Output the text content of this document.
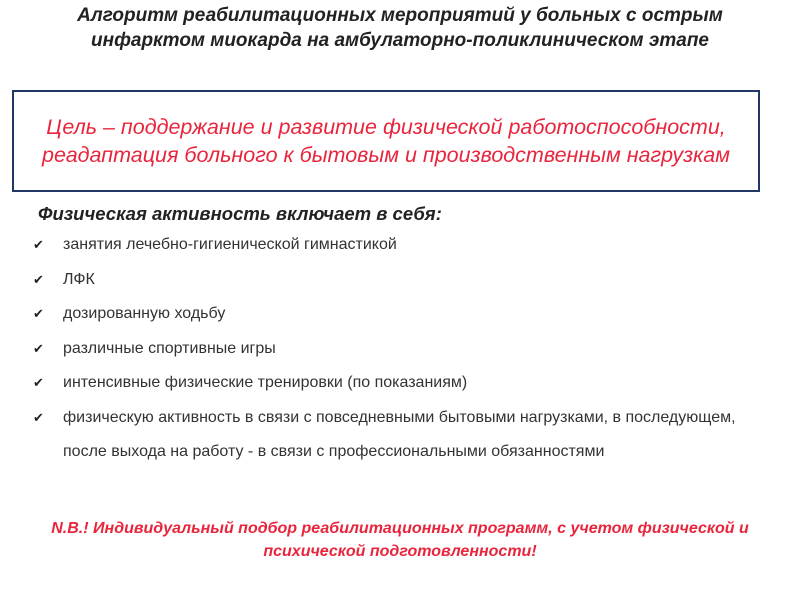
Алгоритм реабилитационных мероприятий у больных с острым инфарктом миокарда на амбулаторно-поликлиническом этапе
Цель – поддержание и развитие физической работоспособности, реадаптация больного к бытовым и производственным нагрузкам
Физическая активность включает в себя:
✔ занятия лечебно-гигиенической гимнастикой
✔ ЛФК
✔ дозированную ходьбу
✔ различные спортивные игры
✔ интенсивные физические тренировки (по показаниям)
✔ физическую активность в связи с повседневными бытовыми нагрузками, в последующем, после выхода на работу - в связи с профессиональными обязанностями
N.B.! Индивидуальный подбор реабилитационных программ, с учетом физической и психической подготовленности!
